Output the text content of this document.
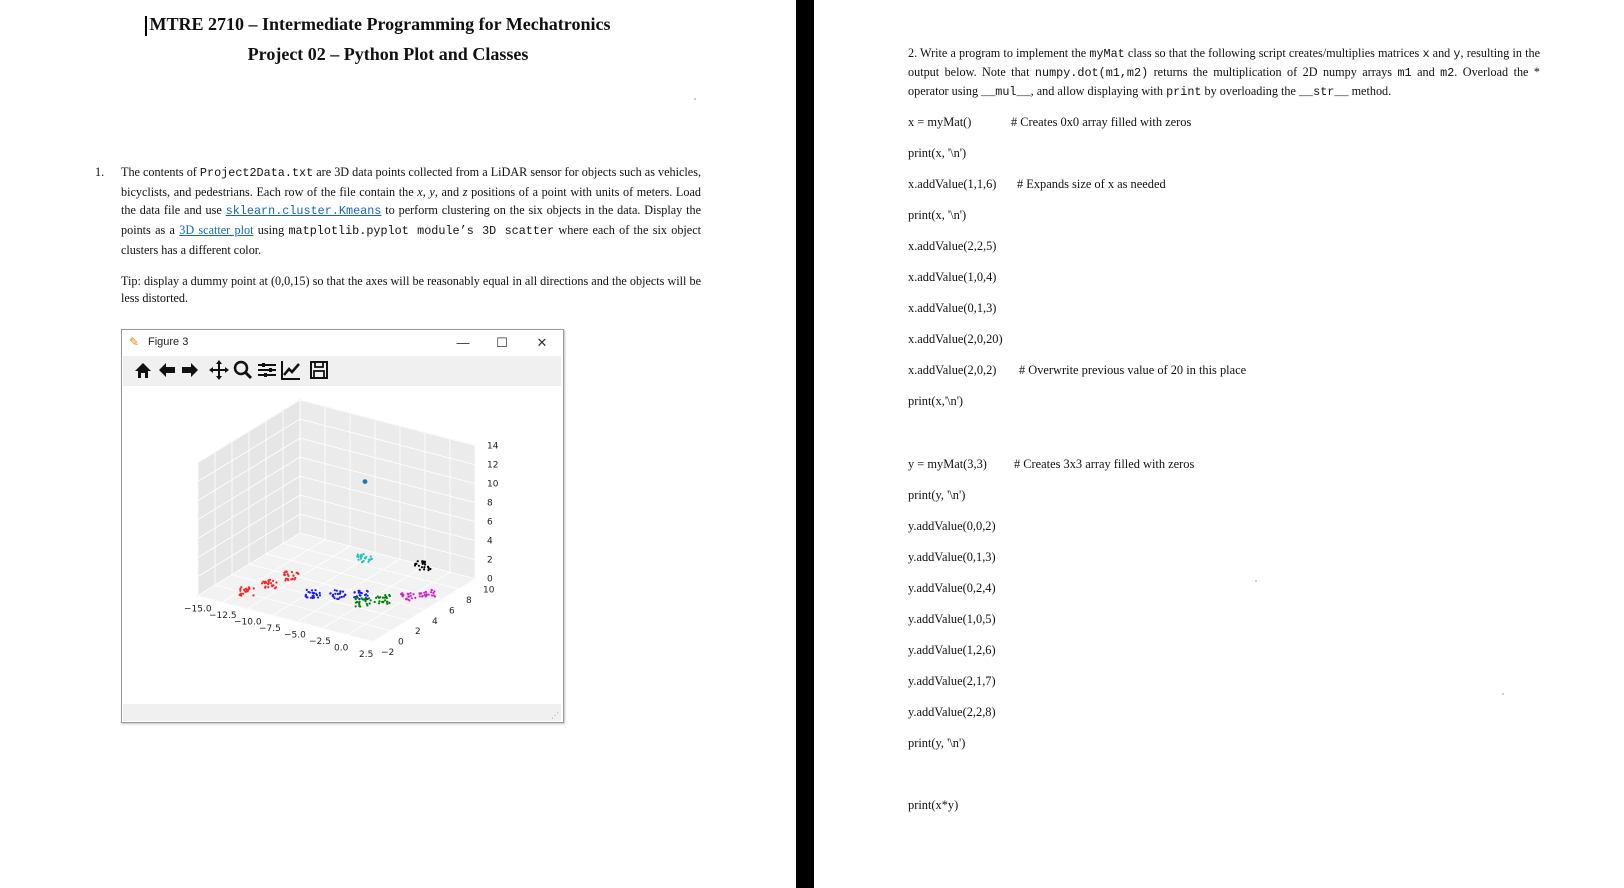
MTRE 2710 – Intermediate Programming for Mechatronics
Project 02 – Python Plot and Classes
1. The contents of Project2Data.txt are 3D data points collected from a LiDAR sensor for objects such as vehicles, bicyclists, and pedestrians. Each row of the file contain the x, y, and z positions of a point with units of meters. Load the data file and use sklearn.cluster.Kmeans to perform clustering on the six objects in the data. Display the points as a 3D scatter plot using matplotlib.pyplot module’s 3D scatter where each of the six object clusters has a different color.
Tip: display a dummy point at (0,0,15) so that the axes will be reasonably equal in all directions and the objects will be less distorted.
✎ Figure 3	—	☐	✕
−15.0
−12.5
−10.0
−7.5
−5.0
−2.5
0.0
2.5 −2
0
2
4
6
8
10
0
2
4
6
8
10
12
14
⋰
2. Write a program to implement the myMat class so that the following script creates/multiplies matrices x and y, resulting in the output below. Note that numpy.dot(m1,m2) returns the multiplication of 2D numpy arrays m1 and m2. Overload the * operator using __mul__, and allow displaying with print by overloading the __str__ method.
x = myMat()	# Creates 0x0 array filled with zeros
print(x, '\n')
x.addValue(1,1,6) # Expands size of x as needed
print(x, '\n')
x.addValue(2,2,5)
x.addValue(1,0,4)
x.addValue(0,1,3)
x.addValue(2,0,20)
x.addValue(2,0,2) # Overwrite previous value of 20 in this place
print(x,'\n')
y = myMat(3,3) # Creates 3x3 array filled with zeros
print(y, '\n')
y.addValue(0,0,2)
y.addValue(0,1,3)
y.addValue(0,2,4)
y.addValue(1,0,5)
y.addValue(1,2,6)
y.addValue(2,1,7)
y.addValue(2,2,8)
print(y, '\n')
print(x*y)
